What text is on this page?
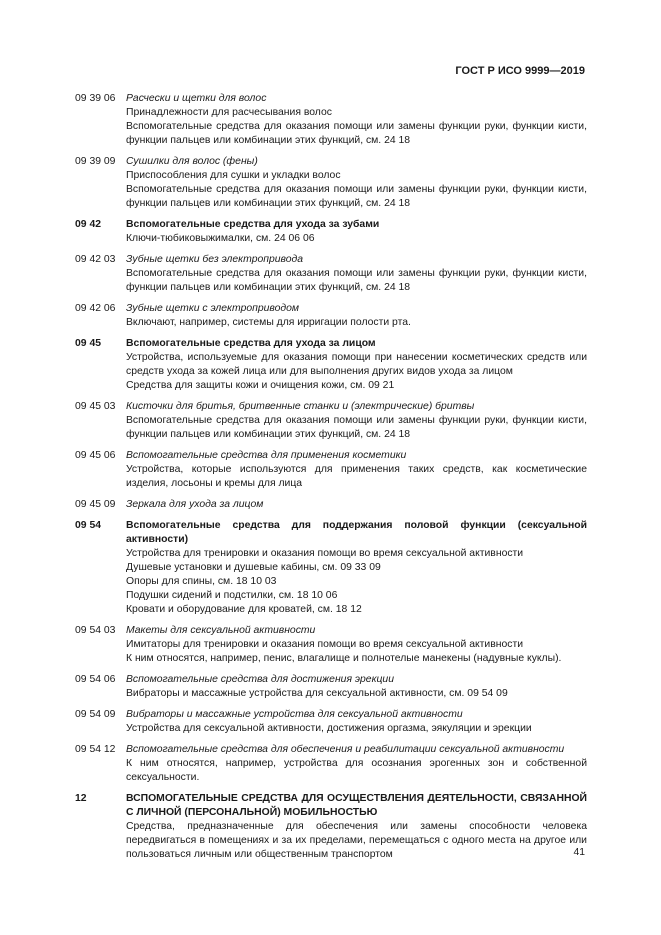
ГОСТ Р ИСО 9999—2019
09 39 06	Расчески и щетки для волос
Принадлежности для расчесывания волос
Вспомогательные средства для оказания помощи или замены функции руки, функции кисти, функции пальцев или комбинации этих функций, см. 24 18
09 39 09	Сушилки для волос (фены)
Приспособления для сушки и укладки волос
Вспомогательные средства для оказания помощи или замены функции руки, функции кисти, функции пальцев или комбинации этих функций, см. 24 18
09 42	Вспомогательные средства для ухода за зубами
Ключи-тюбиковыжималки, см. 24 06 06
09 42 03	Зубные щетки без электропривода
Вспомогательные средства для оказания помощи или замены функции руки, функции кисти, функции пальцев или комбинации этих функций, см. 24 18
09 42 06	Зубные щетки с электроприводом
Включают, например, системы для ирригации полости рта.
09 45	Вспомогательные средства для ухода за лицом
Устройства, используемые для оказания помощи при нанесении косметических средств или средств ухода за кожей лица или для выполнения других видов ухода за лицом
Средства для защиты кожи и очищения кожи, см. 09 21
09 45 03	Кисточки для бритья, бритвенные станки и (электрические) бритвы
Вспомогательные средства для оказания помощи или замены функции руки, функции кисти, функции пальцев или комбинации этих функций, см. 24 18
09 45 06	Вспомогательные средства для применения косметики
Устройства, которые используются для применения таких средств, как косметические изделия, лосьоны и кремы для лица
09 45 09	Зеркала для ухода за лицом
09 54	Вспомогательные средства для поддержания половой функции (сексуальной активности)
Устройства для тренировки и оказания помощи во время сексуальной активности
Душевые установки и душевые кабины, см. 09 33 09
Опоры для спины, см. 18 10 03
Подушки сидений и подстилки, см. 18 10 06
Кровати и оборудование для кроватей, см. 18 12
09 54 03	Макеты для сексуальной активности
Имитаторы для тренировки и оказания помощи во время сексуальной активности
К ним относятся, например, пенис, влагалище и полнотелые манекены (надувные куклы).
09 54 06	Вспомогательные средства для достижения эрекции
Вибраторы и массажные устройства для сексуальной активности, см. 09 54 09
09 54 09	Вибраторы и массажные устройства для сексуальной активности
Устройства для сексуальной активности, достижения оргазма, эякуляции и эрекции
09 54 12	Вспомогательные средства для обеспечения и реабилитации сексуальной активности
К ним относятся, например, устройства для осознания эрогенных зон и собственной сексуальности.
12	ВСПОМОГАТЕЛЬНЫЕ СРЕДСТВА ДЛЯ ОСУЩЕСТВЛЕНИЯ ДЕЯТЕЛЬНОСТИ, СВЯЗАННОЙ С ЛИЧНОЙ (ПЕРСОНАЛЬНОЙ) МОБИЛЬНОСТЬЮ
Средства, предназначенные для обеспечения или замены способности человека передвигаться в помещениях и за их пределами, перемещаться с одного места на другое или пользоваться личным или общественным транспортом	41
